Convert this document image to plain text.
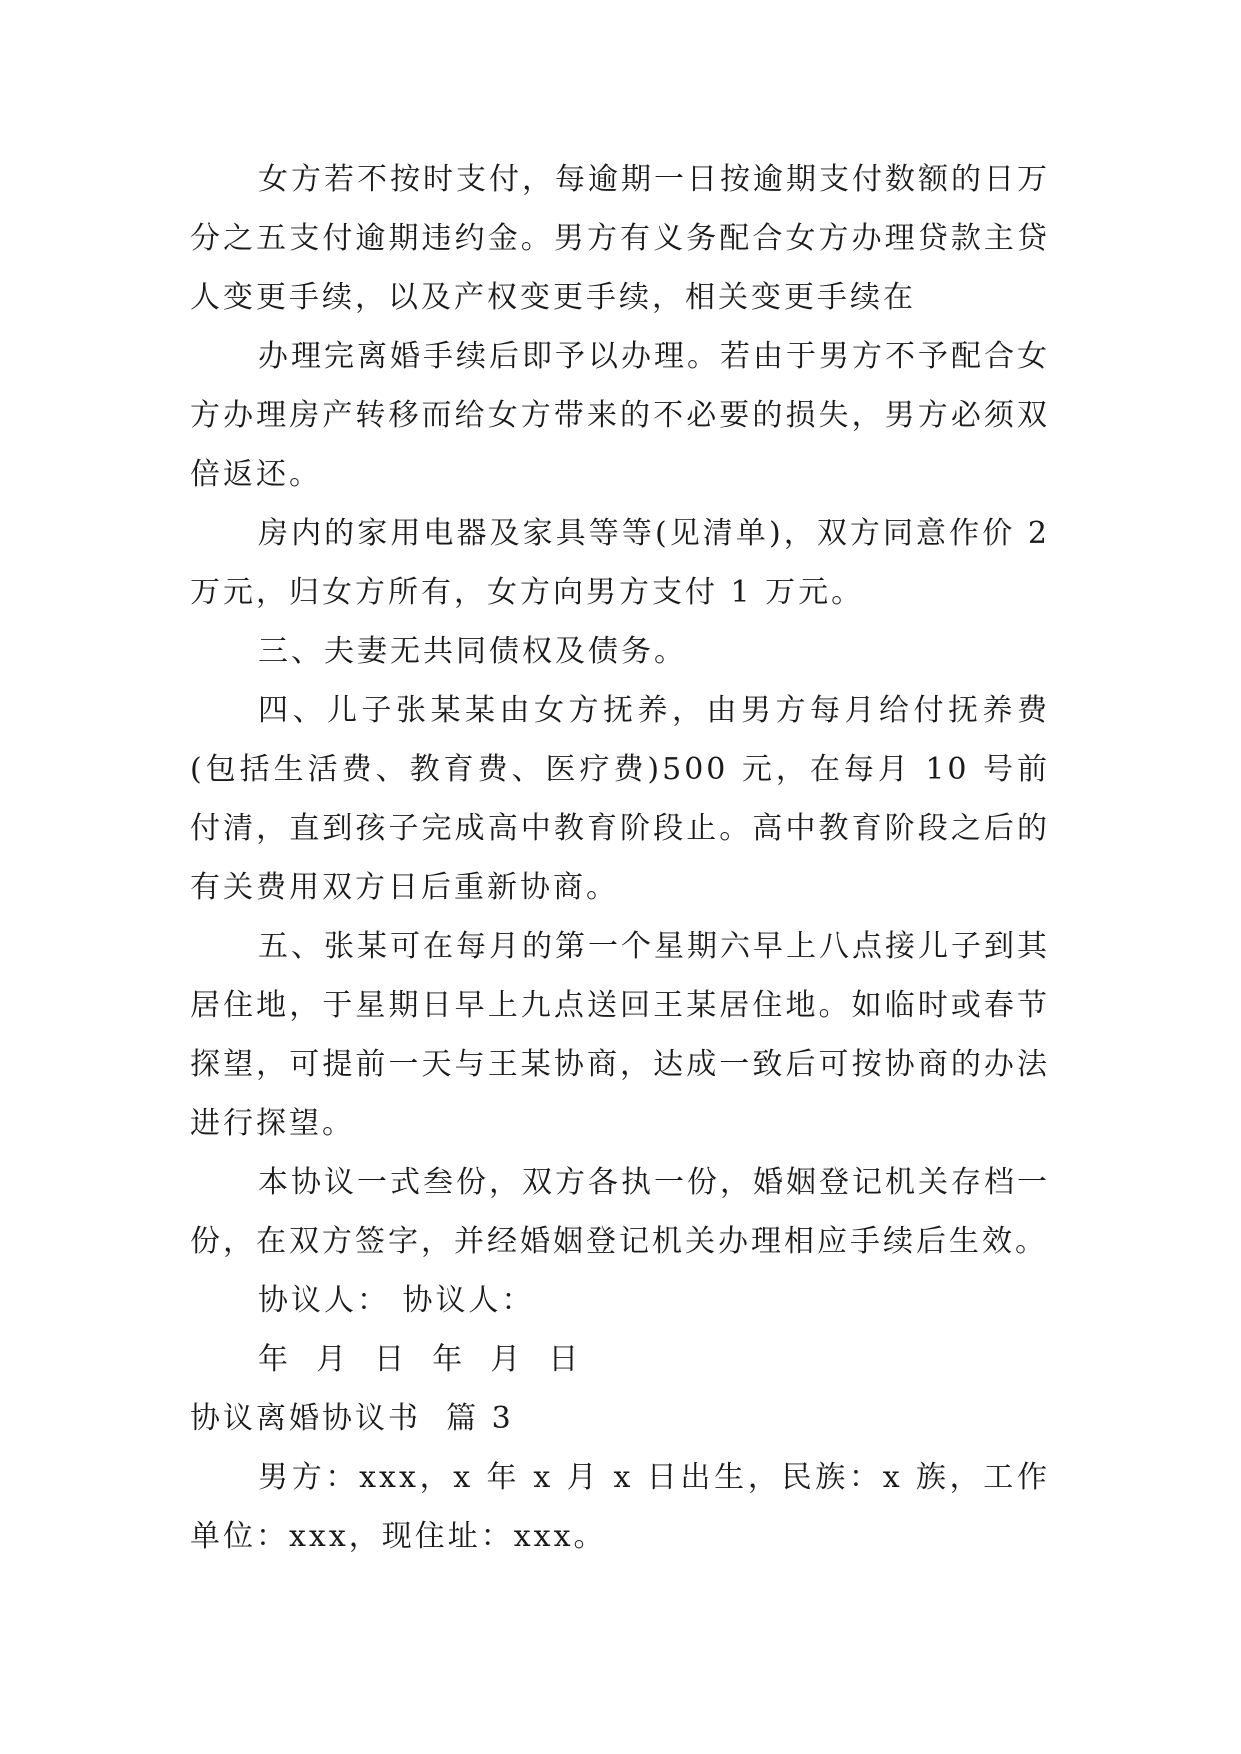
女方若不按时支付，每逾期一日按逾期支付数额的日万分之五支付逾期违约金。男方有义务配合女方办理贷款主贷人变更手续，以及产权变更手续，相关变更手续在

办理完离婚手续后即予以办理。若由于男方不予配合女方办理房产转移而给女方带来的不必要的损失，男方必须双倍返还。

房内的家用电器及家具等等(见清单)，双方同意作价 2 万元，归女方所有，女方向男方支付 1 万元。

三、夫妻无共同债权及债务。

四、儿子张某某由女方抚养，由男方每月给付抚养费(包括生活费、教育费、医疗费)500 元，在每月 10 号前付清，直到孩子完成高中教育阶段止。高中教育阶段之后的有关费用双方日后重新协商。

五、张某可在每月的第一个星期六早上八点接儿子到其居住地，于星期日早上九点送回王某居住地。如临时或春节探望，可提前一天与王某协商，达成一致后可按协商的办法进行探望。

本协议一式叁份，双方各执一份，婚姻登记机关存档一份，在双方签字，并经婚姻登记机关办理相应手续后生效。

协议人： 协议人：

年  月  日  年  月  日

协议离婚协议书  篇 3

男方：xxx，x 年 x 月 x 日出生，民族：x 族，工作单位：xxx，现住址：xxx。
